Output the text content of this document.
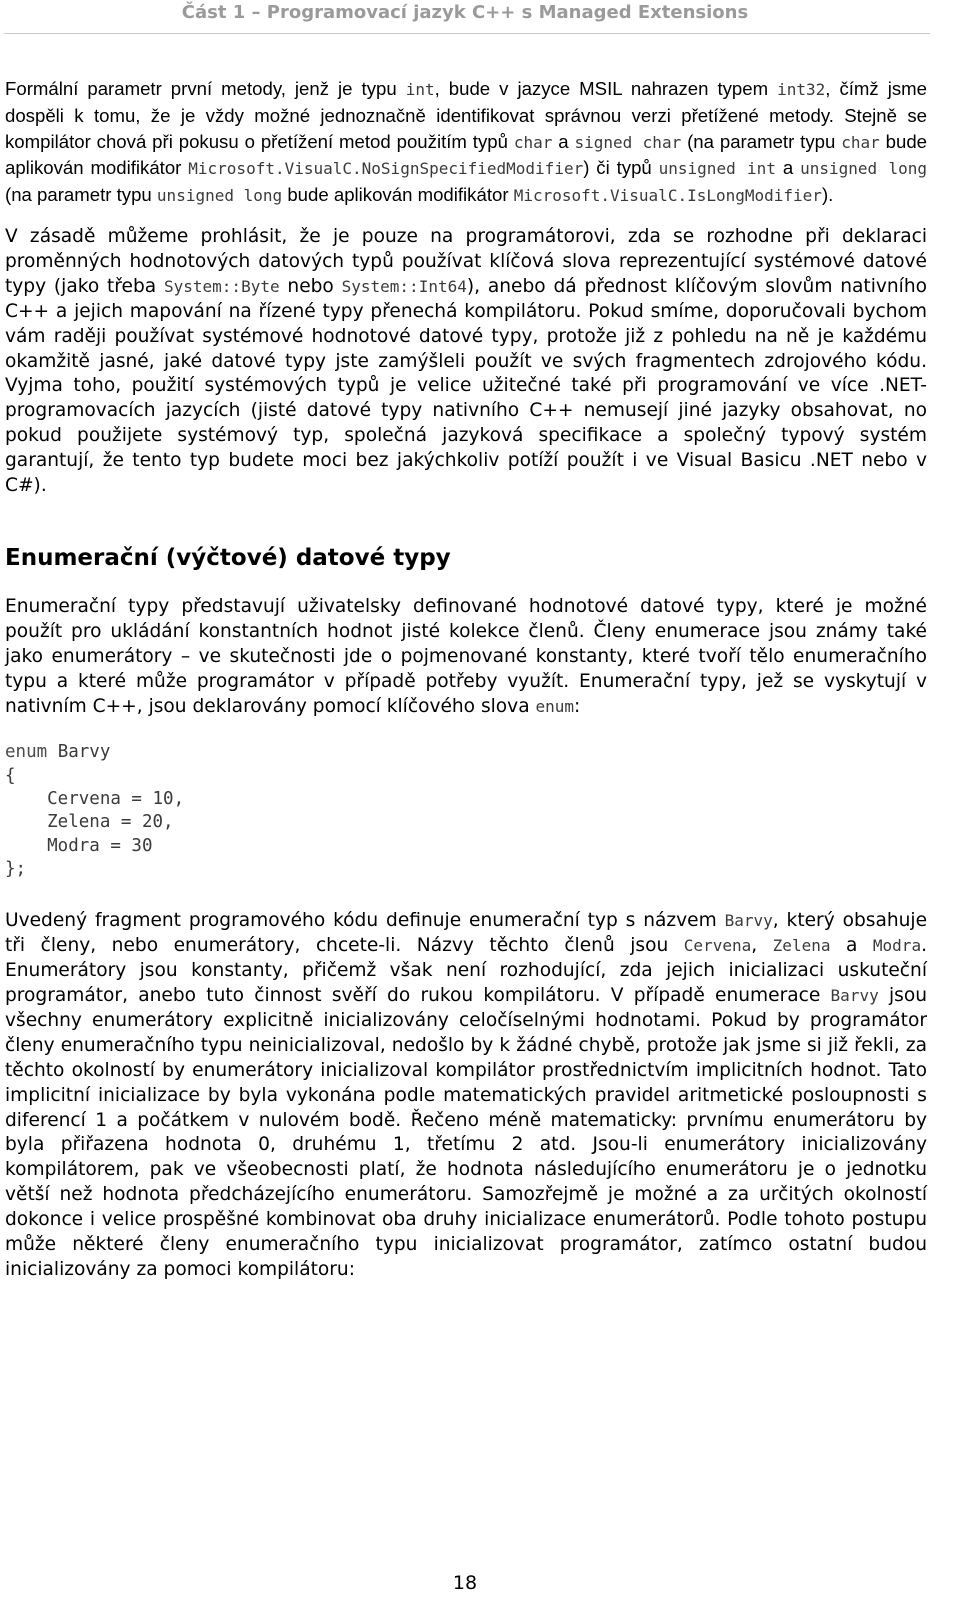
Část 1 – Programovací jazyk C++ s Managed Extensions

Formální parametr první metody, jenž je typu int, bude v jazyce MSIL nahrazen typem int32, čímž jsme dospěli k tomu, že je vždy možné jednoznačně identifikovat správnou verzi přetížené metody. Stejně se kompilátor chová při pokusu o přetížení metod použitím typů char a signed char (na parametr typu char bude aplikován modifikátor Microsoft.VisualC.NoSignSpecifiedModifier) či typů unsigned int a unsigned long (na parametr typu unsigned long bude aplikován modifikátor Microsoft.VisualC.IsLongModifier).

V zásadě můžeme prohlásit, že je pouze na programátorovi, zda se rozhodne při deklaraci proměnných hodnotových datových typů používat klíčová slova reprezentující systémové datové typy (jako třeba System::Byte nebo System::Int64), anebo dá přednost klíčovým slovům nativního C++ a jejich mapování na řízené typy přenechá kompilátoru. Pokud smíme, doporučovali bychom vám raději používat systémové hodnotové datové typy, protože již z pohledu na ně je každému okamžitě jasné, jaké datové typy jste zamýšleli použít ve svých fragmentech zdrojového kódu. Vyjma toho, použití systémových typů je velice užitečné také při programování ve více .NET-programovacích jazycích (jisté datové typy nativního C++ nemusejí jiné jazyky obsahovat, no pokud použijete systémový typ, společná jazyková specifikace a společný typový systém garantují, že tento typ budete moci bez jakýchkoliv potíží použít i ve Visual Basicu .NET nebo v C#).

Enumerační (výčtové) datové typy

Enumerační typy představují uživatelsky definované hodnotové datové typy, které je možné použít pro ukládání konstantních hodnot jisté kolekce členů. Členy enumerace jsou známy také jako enumerátory – ve skutečnosti jde o pojmenované konstanty, které tvoří tělo enumeračního typu a které může programátor v případě potřeby využít. Enumerační typy, jež se vyskytují v nativním C++, jsou deklarovány pomocí klíčového slova enum:

enum Barvy
{
Cervena = 10,
Zelena = 20,
Modra = 30
};

Uvedený fragment programového kódu definuje enumerační typ s názvem Barvy, který obsahuje tři členy, nebo enumerátory, chcete-li. Názvy těchto členů jsou Cervena, Zelena a Modra. Enumerátory jsou konstanty, přičemž však není rozhodující, zda jejich inicializaci uskuteční programátor, anebo tuto činnost svěří do rukou kompilátoru. V případě enumerace Barvy jsou všechny enumerátory explicitně inicializovány celočíselnými hodnotami. Pokud by programátor členy enumeračního typu neinicializoval, nedošlo by k žádné chybě, protože jak jsme si již řekli, za těchto okolností by enumerátory inicializoval kompilátor prostřednictvím implicitních hodnot. Tato implicitní inicializace by byla vykonána podle matematických pravidel aritmetické posloupnosti s diferencí 1 a počátkem v nulovém bodě. Řečeno méně matematicky: prvnímu enumerátoru by byla přiřazena hodnota 0, druhému 1, třetímu 2 atd. Jsou-li enumerátory inicializovány kompilátorem, pak ve všeobecnosti platí, že hodnota následujícího enumerátoru je o jednotku větší než hodnota předcházejícího enumerátoru. Samozřejmě je možné a za určitých okolností dokonce i velice prospěšné kombinovat oba druhy inicializace enumerátorů. Podle tohoto postupu může některé členy enumeračního typu inicializovat programátor, zatímco ostatní budou inicializovány za pomoci kompilátoru:

18
